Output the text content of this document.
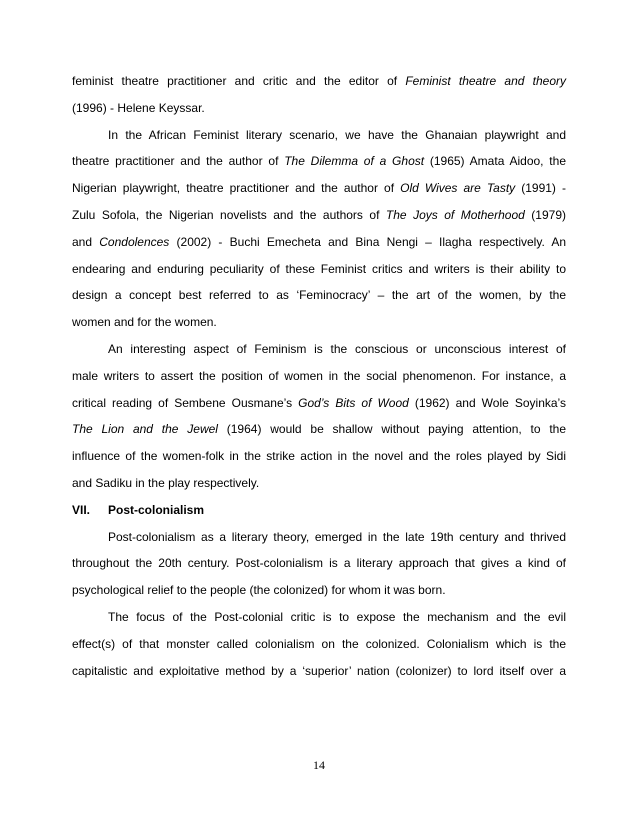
feminist theatre practitioner and critic and the editor of Feminist theatre and theory
(1996) - Helene Keyssar.
In the African Feminist literary scenario, we have the Ghanaian playwright and
theatre practitioner and the author of The Dilemma of a Ghost (1965) Amata Aidoo, the
Nigerian playwright, theatre practitioner and the author of Old Wives are Tasty (1991) -
Zulu Sofola, the Nigerian novelists and the authors of The Joys of Motherhood (1979)
and Condolences (2002) - Buchi Emecheta and Bina Nengi – Ilagha respectively. An
endearing and enduring peculiarity of these Feminist critics and writers is their ability to
design a concept best referred to as ‘Feminocracy’ – the art of the women, by the
women and for the women.
An interesting aspect of Feminism is the conscious or unconscious interest of
male writers to assert the position of women in the social phenomenon. For instance, a
critical reading of Sembene Ousmane’s God’s Bits of Wood (1962) and Wole Soyinka’s
The Lion and the Jewel (1964) would be shallow without paying attention, to the
influence of the women-folk in the strike action in the novel and the roles played by Sidi
and Sadiku in the play respectively.
VII. Post-colonialism
Post-colonialism as a literary theory, emerged in the late 19th century and thrived
throughout the 20th century. Post-colonialism is a literary approach that gives a kind of
psychological relief to the people (the colonized) for whom it was born.
The focus of the Post-colonial critic is to expose the mechanism and the evil
effect(s) of that monster called colonialism on the colonized. Colonialism which is the
capitalistic and exploitative method by a ‘superior’ nation (colonizer) to lord itself over a
14
